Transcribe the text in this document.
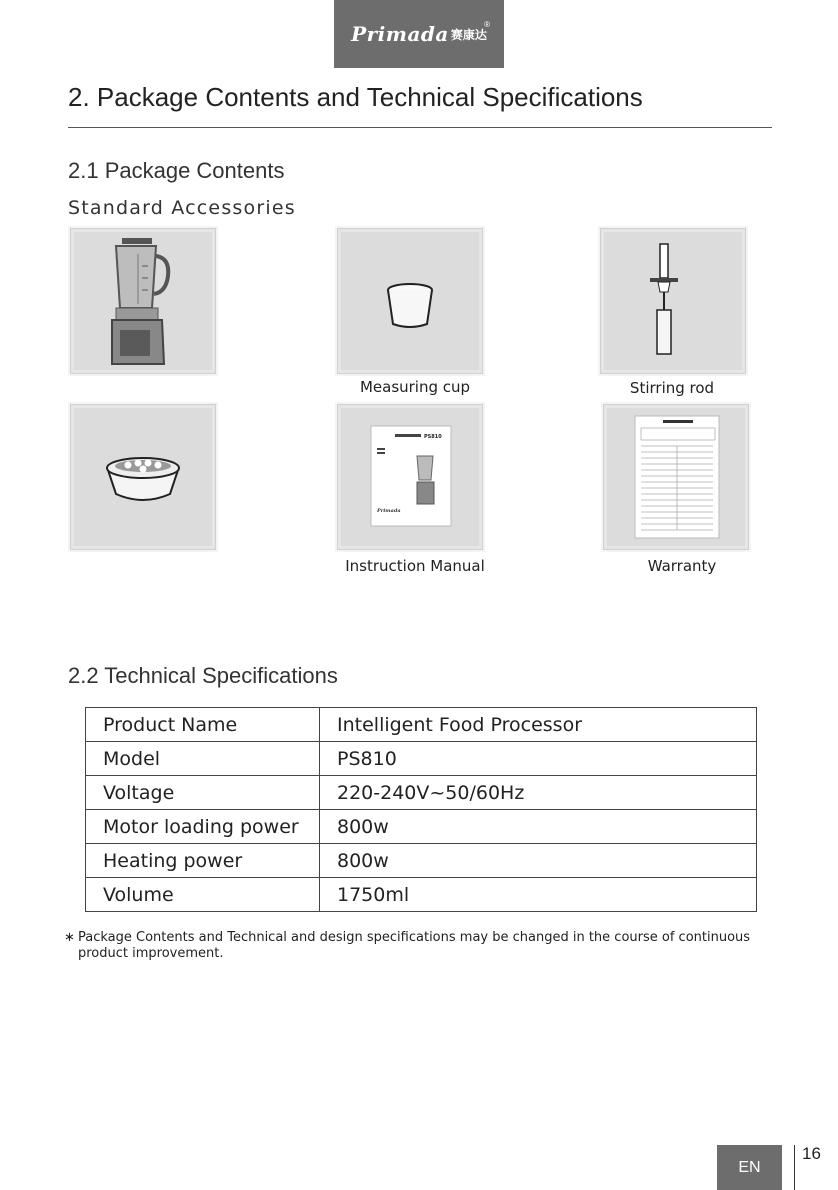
Primada 赛康达
®
2. Package Contents and Technical Specifications
2.1 Package Contents
Standard Accessories
Measuring cup	Stirring rod
PS810
Primada
Instruction Manual	Warranty
2.2 Technical Specifications
Product Name	Intelligent Food Processor
Model	PS810
Voltage	220-240V~50/60Hz
Motor loading power	800w
Heating power	800w
Volume	1750ml
∗ Package Contents and Technical and design specifications may be changed in the course of continuous
product improvement.
EN
16
